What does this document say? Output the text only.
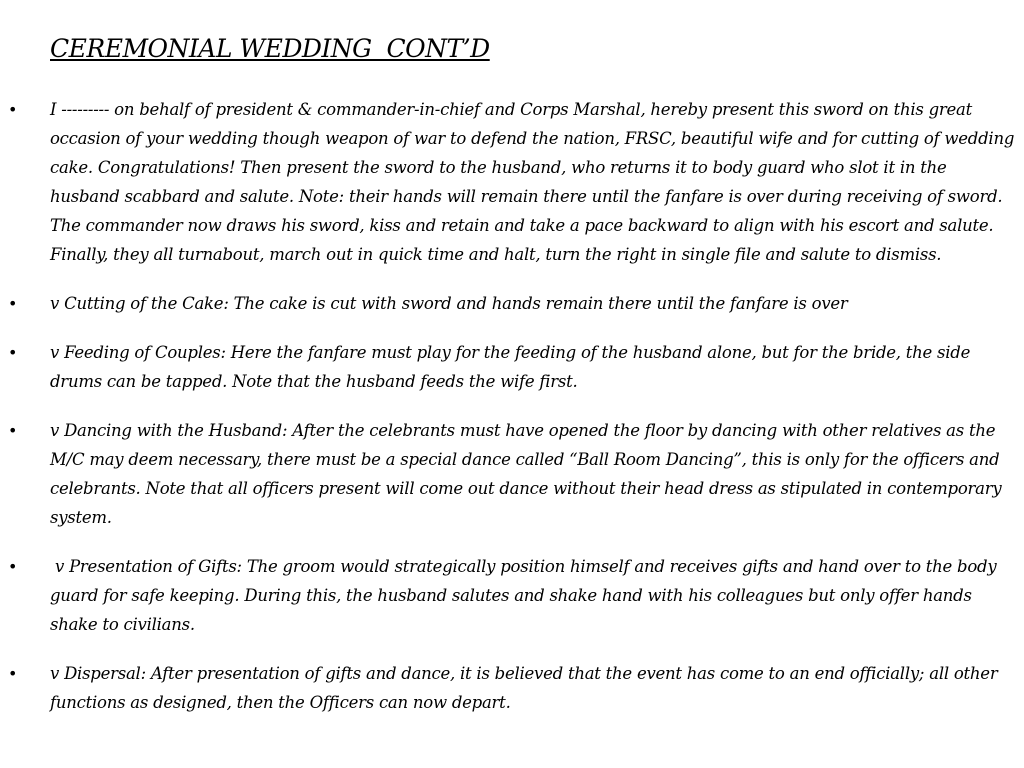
CEREMONIAL WEDDING  CONT’D
• I --------- on behalf of president & commander-in-chief and Corps Marshal, hereby present this sword on this great occasion of your wedding though weapon of war to defend the nation, FRSC, beautiful wife and for cutting of wedding cake. Congratulations! Then present the sword to the husband, who returns it to body guard who slot it in the husband scabbard and salute. Note: their hands will remain there until the fanfare is over during receiving of sword. The commander now draws his sword, kiss and retain and take a pace backward to align with his escort and salute. Finally, they all turnabout, march out in quick time and halt, turn the right in single file and salute to dismiss.
• v Cutting of the Cake: The cake is cut with sword and hands remain there until the fanfare is over
• v Feeding of Couples: Here the fanfare must play for the feeding of the husband alone, but for the bride, the side drums can be tapped. Note that the husband feeds the wife first.
• v Dancing with the Husband: After the celebrants must have opened the floor by dancing with other relatives as the M/C may deem necessary, there must be a special dance called “Ball Room Dancing”, this is only for the officers and celebrants. Note that all officers present will come out dance without their head dress as stipulated in contemporary system.
• v Presentation of Gifts: The groom would strategically position himself and receives gifts and hand over to the body guard for safe keeping. During this, the husband salutes and shake hand with his colleagues but only offer hands shake to civilians.
• v Dispersal: After presentation of gifts and dance, it is believed that the event has come to an end officially; all other functions as designed, then the Officers can now depart.
